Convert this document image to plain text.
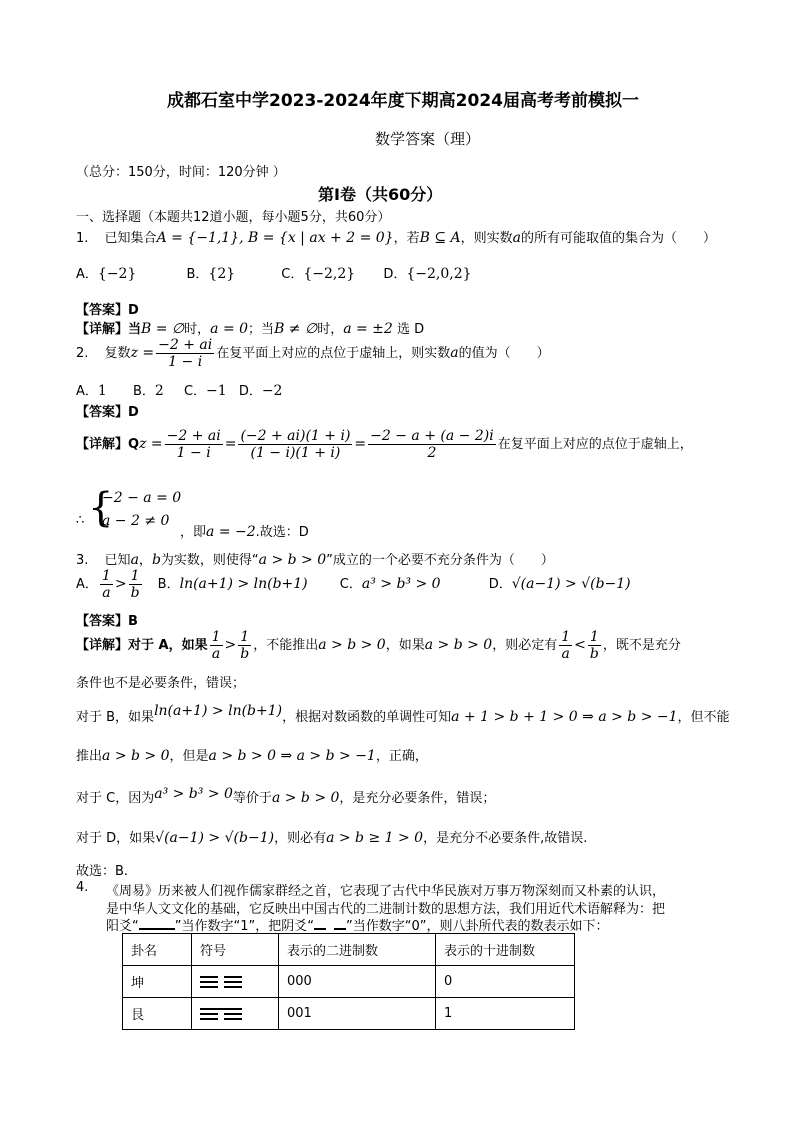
成都石室中学2023-2024年度下期高2024届高考考前模拟一
数学答案（理）
（总分：150分，时间：120分钟 ）
第Ⅰ卷（共60分）
一、选择题（本题共12道小题，每小题5分，共60分）
1. 已知集合A = {−1,1}, B = {x | ax + 2 = 0}，若B ⊆ A，则实数a的所有可能取值的集合为（　　）
A．{−2}	B．{2}	C．{−2,2} D．{−2,0,2}
【答案】D
【详解】当B = ∅时，a = 0；当B ≠ ∅时，a = ±2 选 D
2. 复数$z = \frac{-2 + ai}{1 - i}$ 在复平面上对应的点位于虚轴上，则实数a的值为（　　）
A．1 B．2 C．−1 D．−2
【答案】D
【详解】$Qz = \frac{-2 + ai}{1 - i} = \frac{(-2 + ai)(1 + i)}{(1 - i)(1 + i)} = \frac{-2 - a + (a - 2)i}{2}$ 在复平面上对应的点位于虚轴上，
∴ {
−2 − a = 0
a − 2 ≠ 0
，即a = −2.故选：D
3. 已知a，b为实数，则使得“a > b > 0”成立的一个必要不充分条件为（　　）
A． $\frac{1}{a} > \frac{1}{b}$ B．ln(a+1) > ln(b+1) C．a³ > b³ > 0	D．√(a−1) > √(b−1)
【答案】B
【详解】对于 A，如果 $\frac{1}{a} > \frac{1}{b}$ ，不能推出a > b > 0，如果a > b > 0，则必定有 $\frac{1}{a} < \frac{1}{b}$ ，既不是充分
条件也不是必要条件，错误；
对于 B，如果ln(a+1) > ln(b+1)，根据对数函数的单调性可知a + 1 > b + 1 > 0 ⇒ a > b > −1，但不能
推出a > b > 0，但是a > b > 0 ⇒ a > b > −1，正确，
对于 C，因为a³ > b³ > 0等价于a > b > 0，是充分必要条件，错误；
对于 D，如果√(a−1) > √(b−1)，则必有a > b ≥ 1 > 0，是充分不必要条件,故错误.
故选：B.
4. 《周易》历来被人们视作儒家群经之首，它表现了古代中华民族对万事万物深刻而又朴素的认识，
是中华人文文化的基础，它反映出中国古代的二进制计数的思想方法，我们用近代术语解释为：把
阳爻“	”当作数字“1”，把阴爻“ ”当作数字“0”，则八卦所代表的数表示如下：
卦名	符号	表示的二进制数	表示的十进制数
坤		000	0
艮		001	1
